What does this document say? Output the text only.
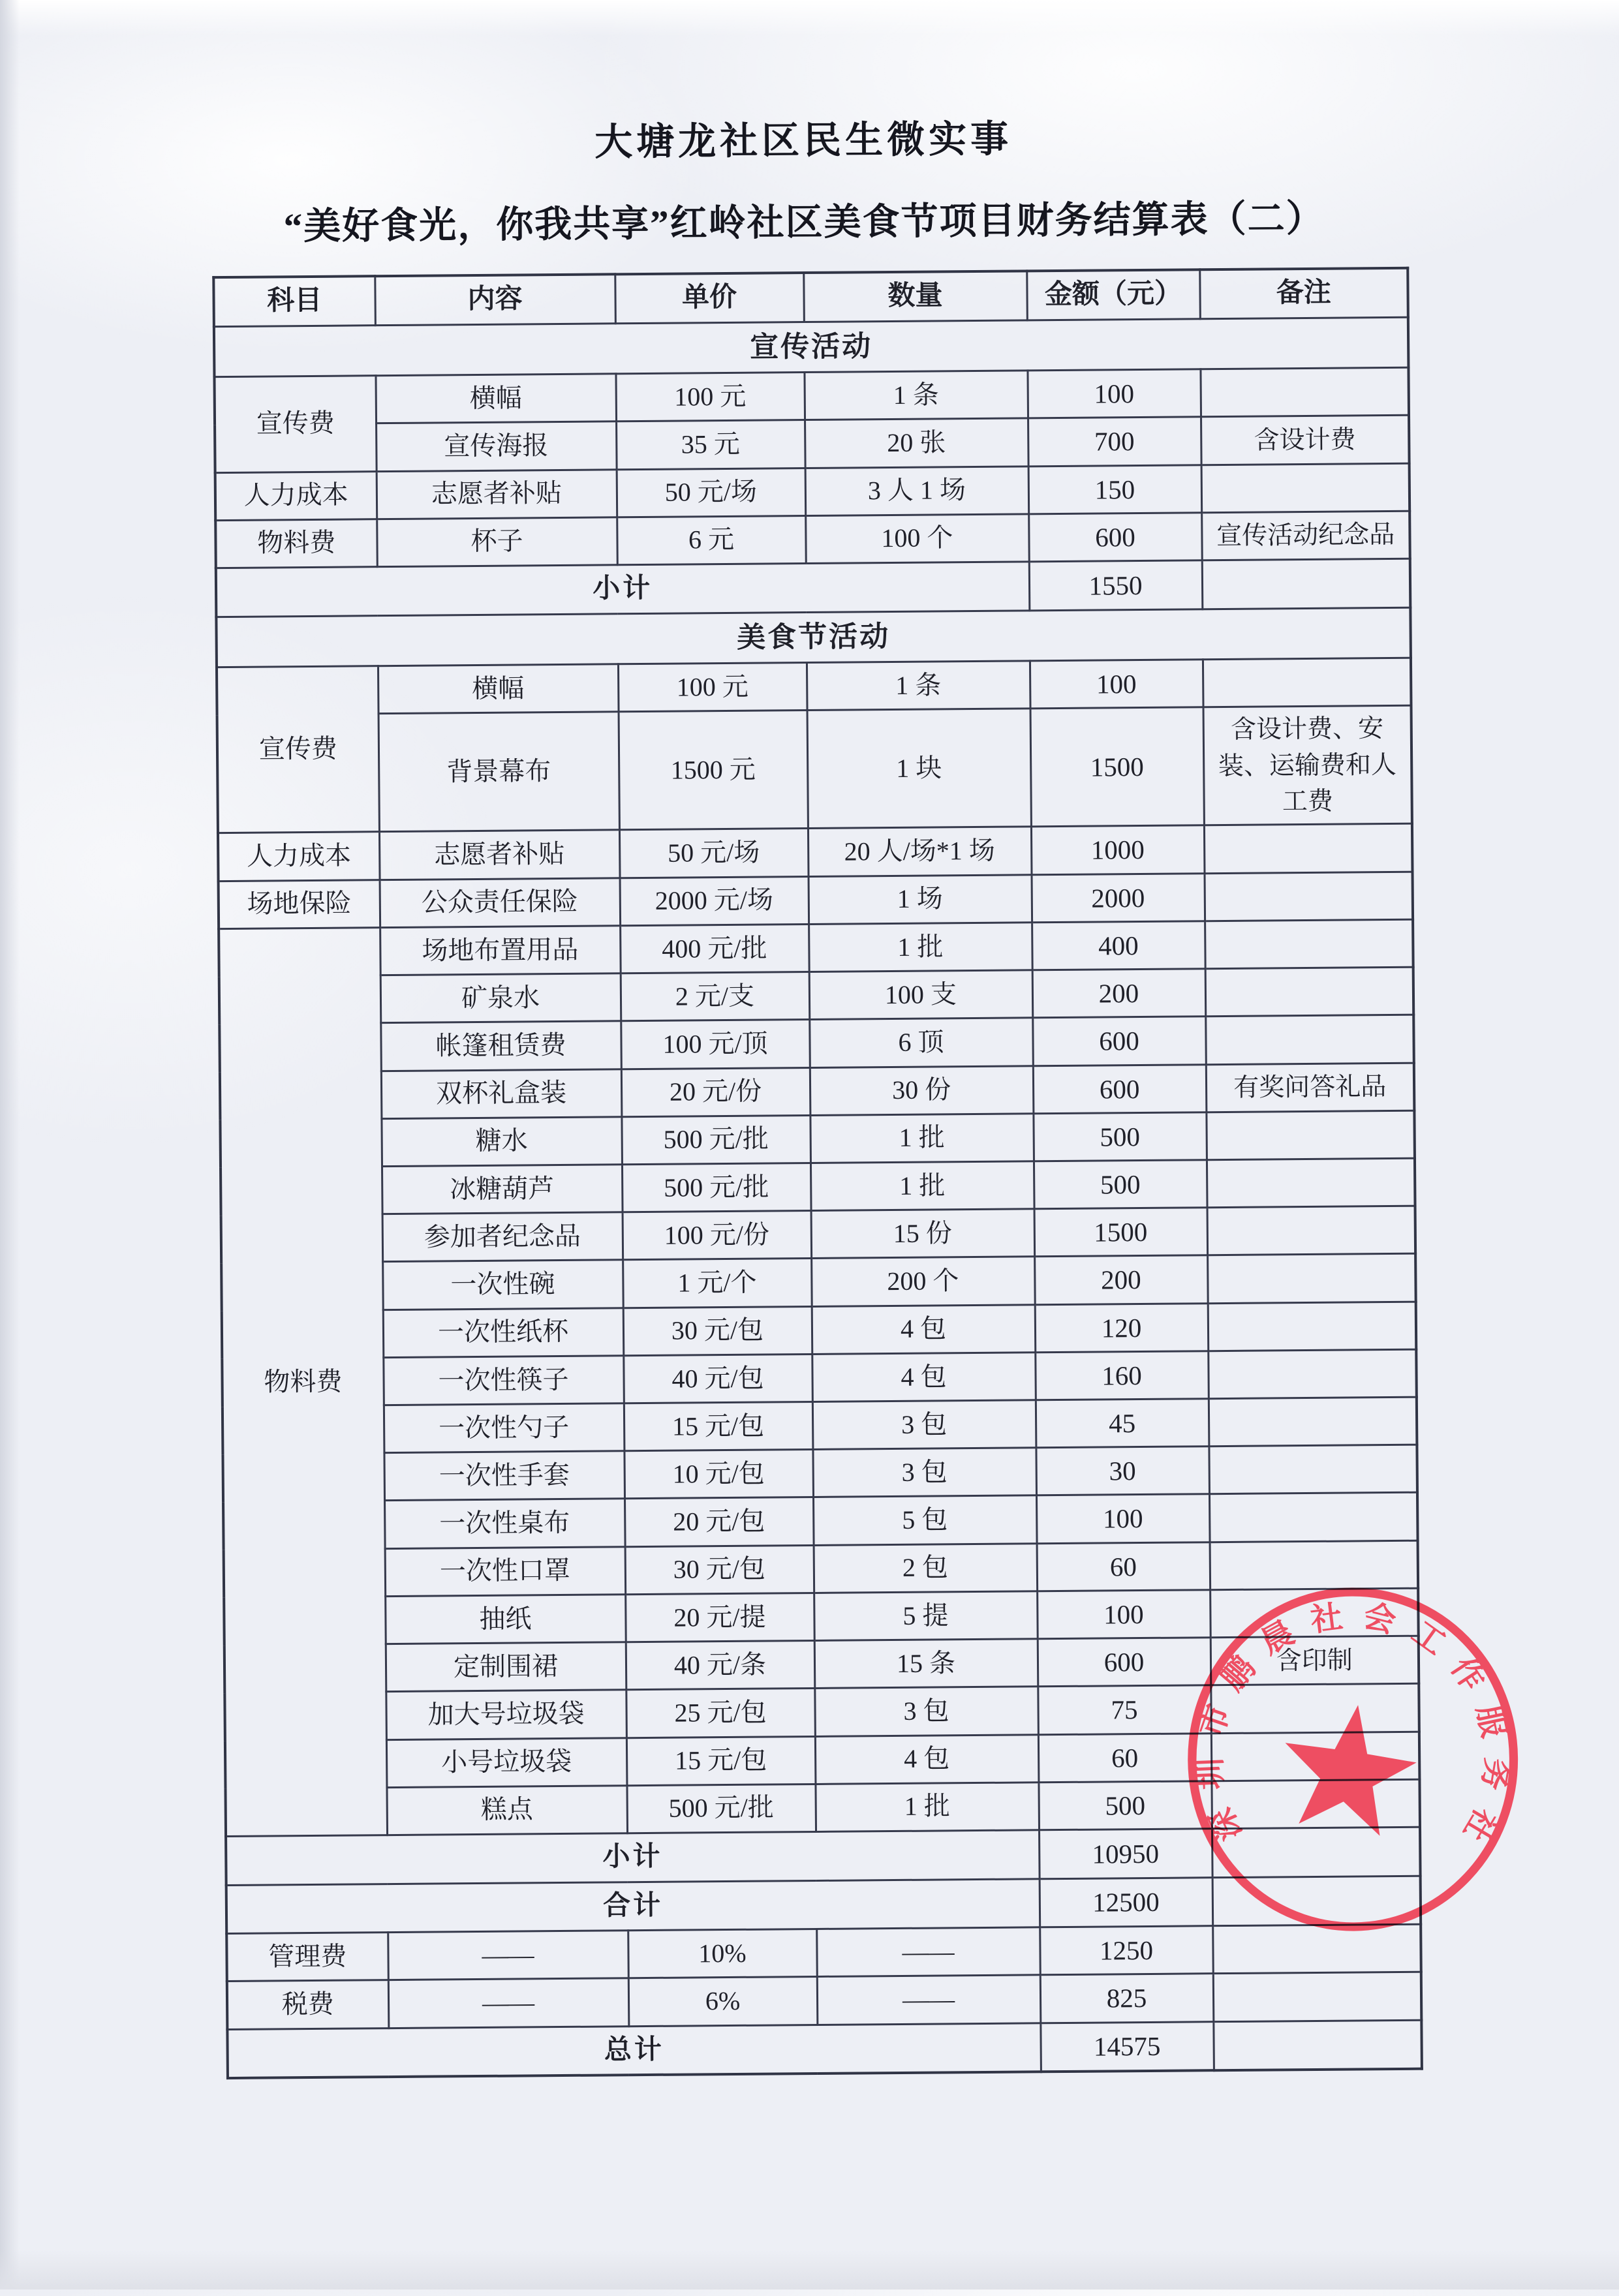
大塘龙社区民生微实事
“美好食光，你我共享”红岭社区美食节项目财务结算表（二）
科目	内容	单价	数量	金额（元）	备注
宣传活动					
宣传费	横幅	100 元	1 条	100	
	宣传海报	35 元	20 张	700	含设计费
人力成本	志愿者补贴	50 元/场	3 人 1 场	150	
物料费	杯子	6 元	100 个	600	宣传活动纪念品
小计				1550	
美食节活动					
宣传费	横幅	100 元	1 条	100	
	背景幕布	1500 元	1 块	1500	含设计费、安装、运输费和人工费
人力成本	志愿者补贴	50 元/场	20 人/场*1 场	1000	
场地保险	公众责任保险	2000 元/场	1 场	2000	
物料费	场地布置用品	400 元/批	1 批	400	
	矿泉水	2 元/支	100 支	200	
	帐篷租赁费	100 元/顶	6 顶	600	
	双杯礼盒装	20 元/份	30 份	600	有奖问答礼品
	糖水	500 元/批	1 批	500	
	冰糖葫芦	500 元/批	1 批	500	
	参加者纪念品	100 元/份	15 份	1500	
	一次性碗	1 元/个	200 个	200	
	一次性纸杯	30 元/包	4 包	120	
	一次性筷子	40 元/包	4 包	160	
	一次性勺子	15 元/包	3 包	45	
	一次性手套	10 元/包	3 包	30	
	一次性桌布	20 元/包	5 包	100	
	一次性口罩	30 元/包	2 包	60	
	抽纸	20 元/提	5 提	100	
	定制围裙	40 元/条	15 条	600	含印制
	加大号垃圾袋	25 元/包	3 包	75	
	小号垃圾袋	15 元/包	4 包	60	
	糕点	500 元/批	1 批	500	
小计				10950	
合计				12500	
管理费	——	10%	——	1250	
税费	——	6%	——	825	
总计				14575	
深圳市鹏晨社会工作服务社
